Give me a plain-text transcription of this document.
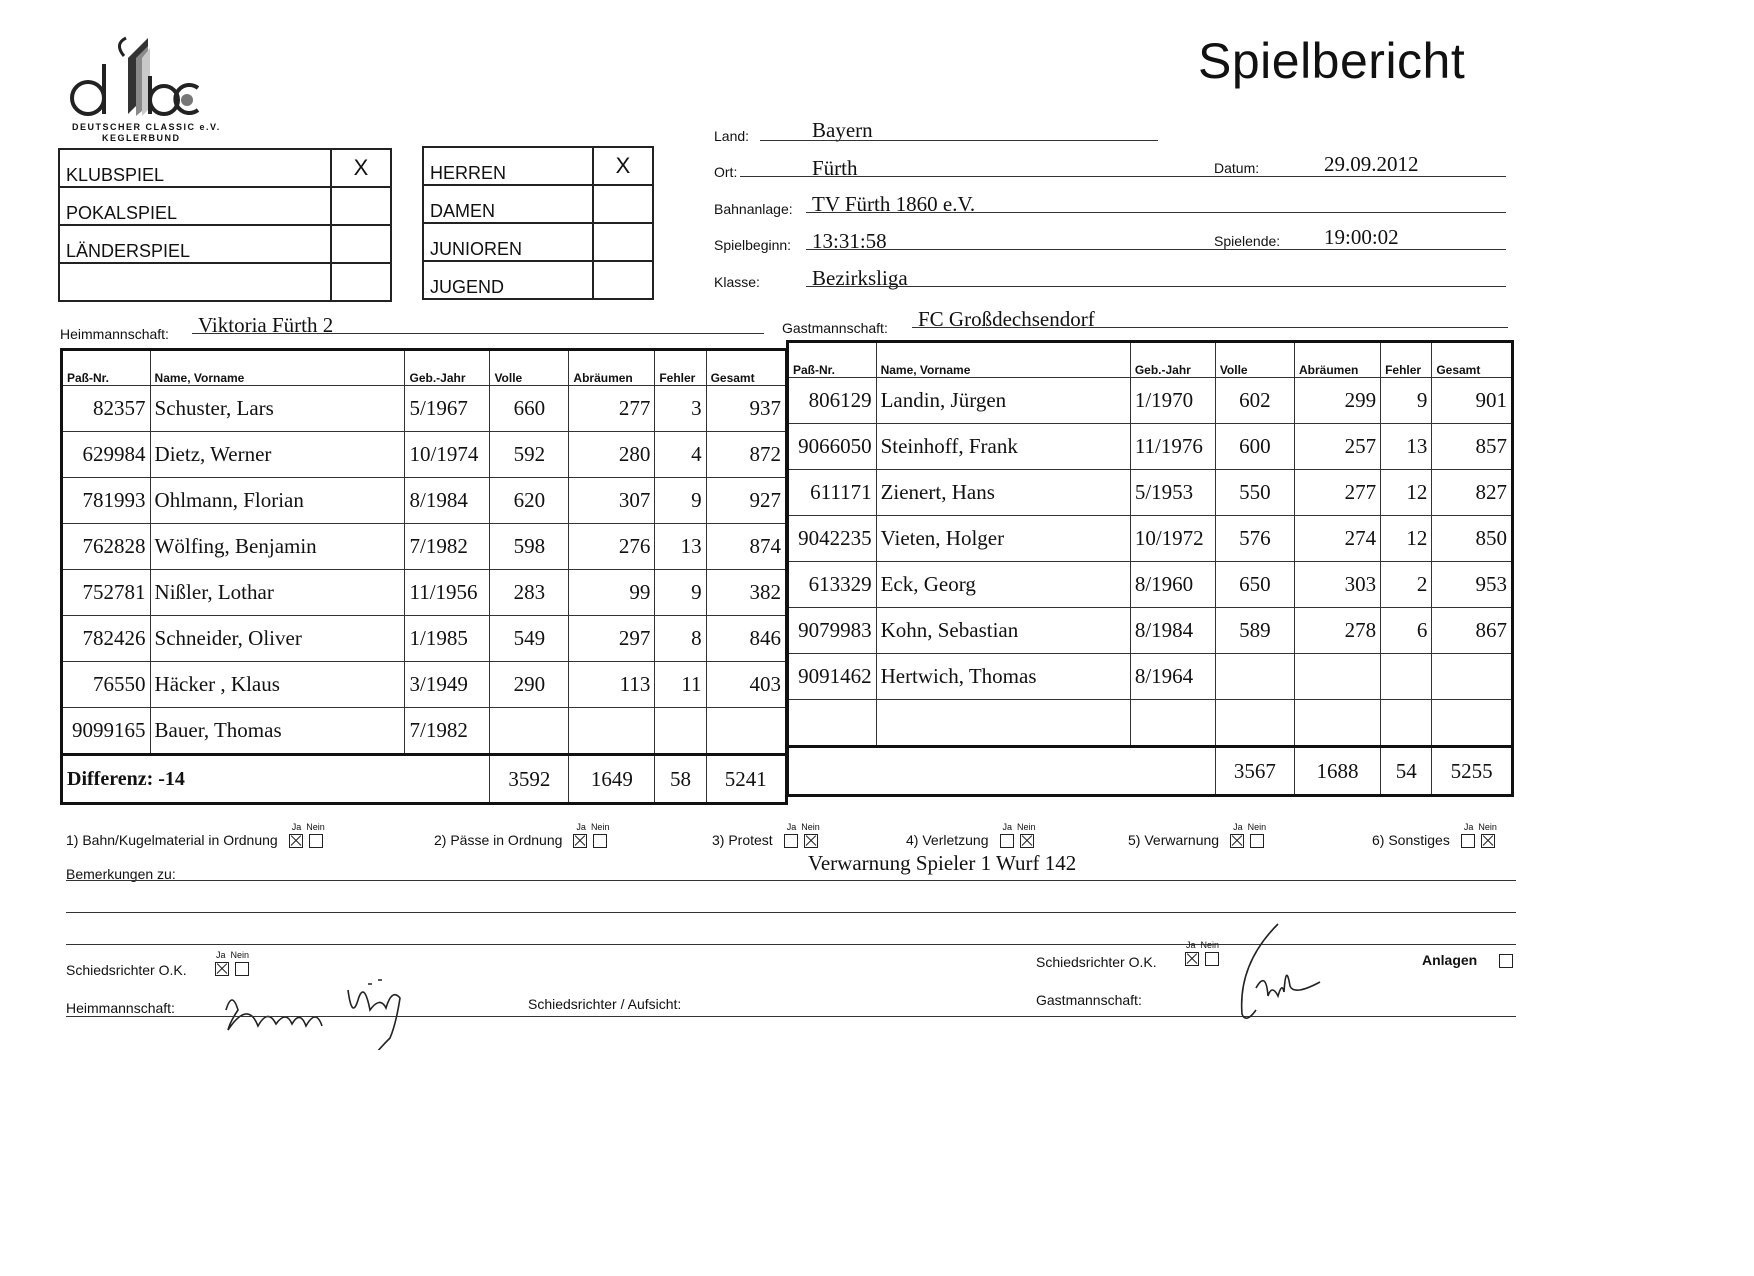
DEUTSCHER CLASSIC e.V.
KEGLERBUND
Spielbericht
KLUBSPIEL	X
POKALSPIEL	
LÄNDERSPIEL	

HERREN	X
DAMEN	
JUNIOREN	
JUGEND	
Land:	Bayern
Ort:	Fürth	Datum:	29.09.2012
Bahnanlage: TV Fürth 1860 e.V.
Spielbeginn: 13:31:58	Spielende: 19:00:02
Klasse: Bezirksliga
Heimmannschaft: Viktoria Fürth 2	Gastmannschaft: FC Großdechsendorf
Paß-Nr.	Name, Vorname	Geb.-Jahr	Volle	Abräumen	Fehler	Gesamt
82357	Schuster, Lars	5/1967	660	277	3	937
629984	Dietz, Werner	10/1974	592	280	4	872
781993	Ohlmann, Florian	8/1984	620	307	9	927
762828	Wölfing, Benjamin	7/1982	598	276	13	874
752781	Nißler, Lothar	11/1956	283	99	9	382
782426	Schneider, Oliver	1/1985	549	297	8	846
76550	Häcker , Klaus	3/1949	290	113	11	403
9099165	Bauer, Thomas	7/1982				
Differenz: -14			3592	1649	58	5241
Paß-Nr.	Name, Vorname	Geb.-Jahr	Volle	Abräumen	Fehler	Gesamt
806129	Landin, Jürgen	1/1970	602	299	9	901
9066050	Steinhoff, Frank	11/1976	600	257	13	857
611171	Zienert, Hans	5/1953	550	277	12	827
9042235	Vieten, Holger	10/1972	576	274	12	850
613329	Eck, Georg	8/1960	650	303	2	953
9079983	Kohn, Sebastian	8/1984	589	278	6	867
9091462	Hertwich, Thomas	8/1964				

			3567	1688	54	5255
1) Bahn/Kugelmaterial in Ordnung
Ja Nein
2) Pässe in Ordnung
Ja Nein
3) Protest
Ja Nein
4) Verletzung
Ja Nein
5) Verwarnung
Ja Nein
6) Sonstiges
Ja Nein
Bemerkungen zu:	Verwarnung Spieler 1 Wurf 142
Schiedsrichter O.K.
Ja Nein
Heimmannschaft:	Schiedsrichter / Aufsicht:
Schiedsrichter O.K.
Ja Nein
Gastmannschaft:
Anlagen
